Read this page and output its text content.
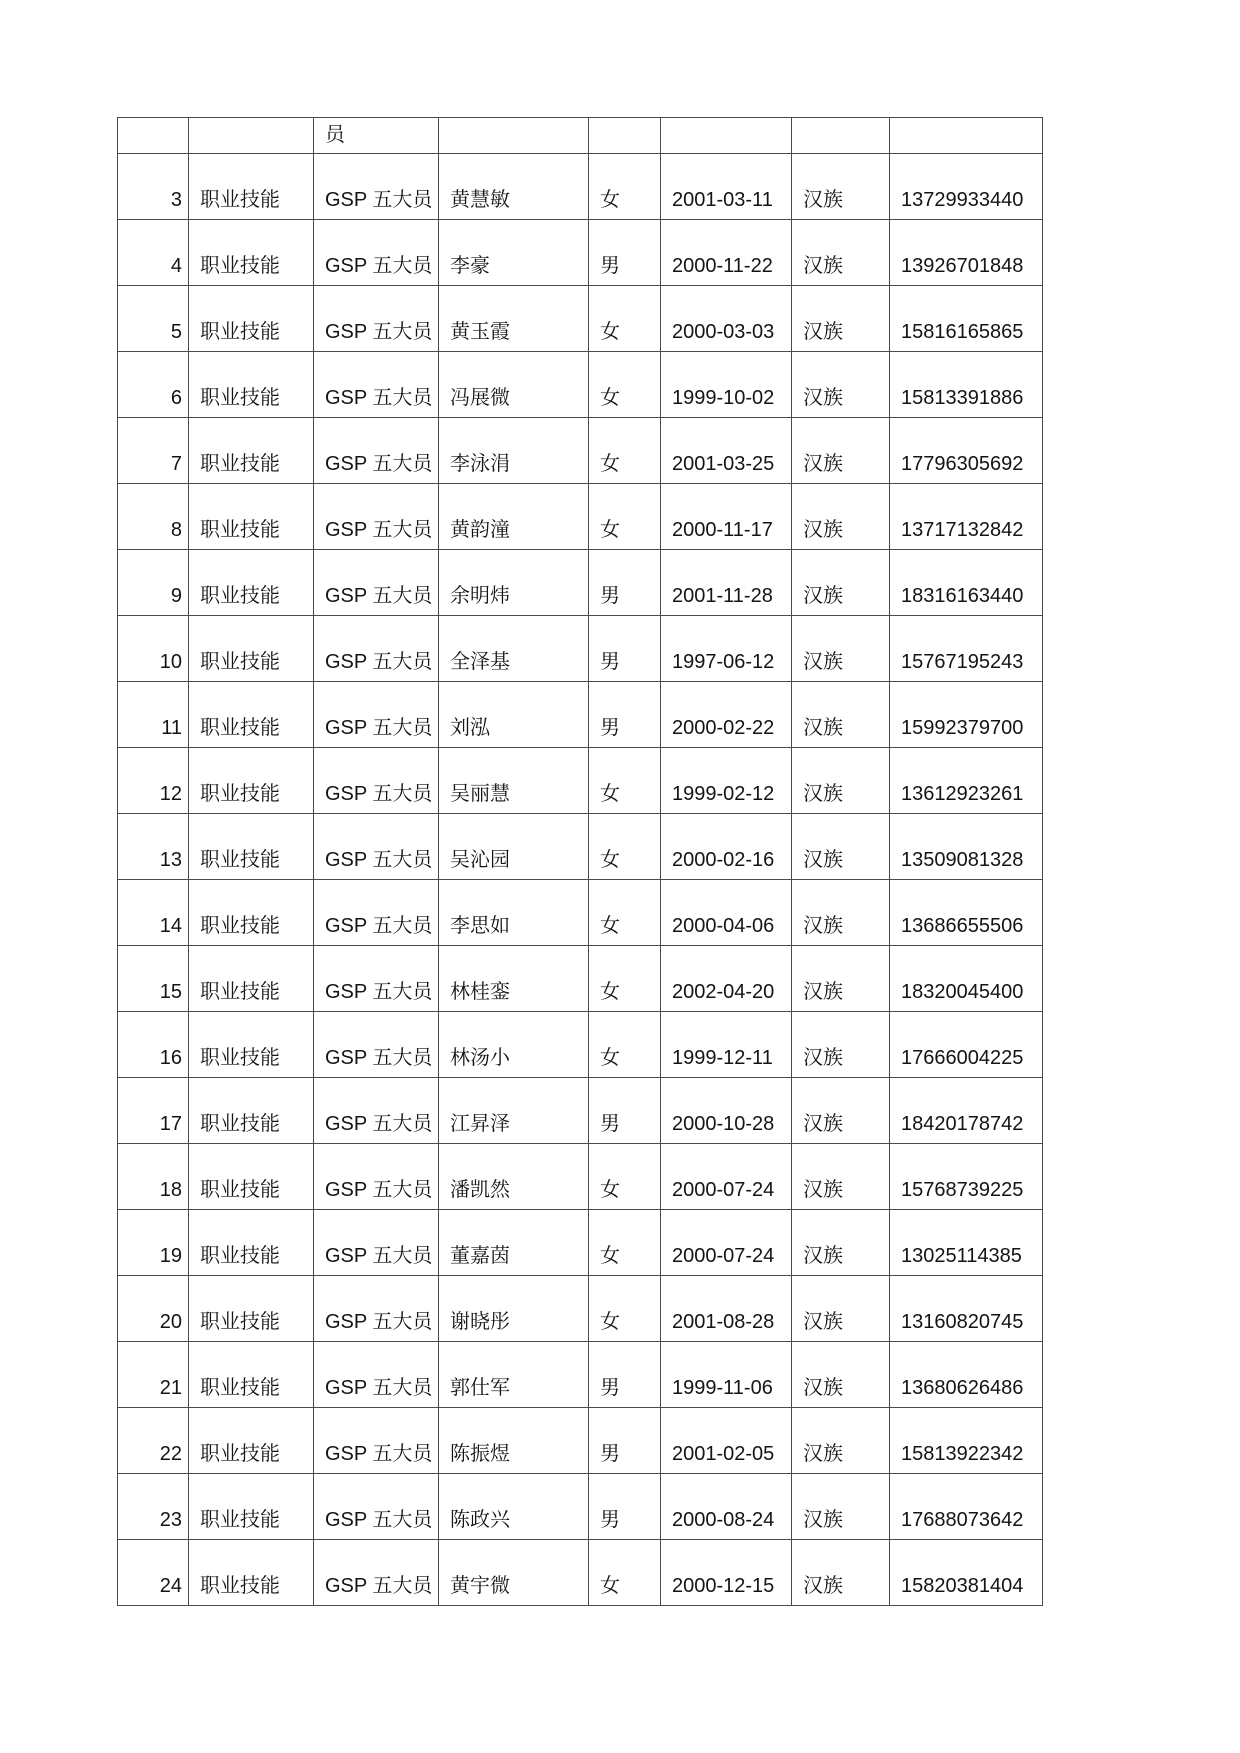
		员					
3	职业技能	GSP 五大员	黄慧敏	女	2001-03-11	汉族	13729933440
4	职业技能	GSP 五大员	李豪	男	2000-11-22	汉族	13926701848
5	职业技能	GSP 五大员	黄玉霞	女	2000-03-03	汉族	15816165865
6	职业技能	GSP 五大员	冯展微	女	1999-10-02	汉族	15813391886
7	职业技能	GSP 五大员	李泳涓	女	2001-03-25	汉族	17796305692
8	职业技能	GSP 五大员	黄韵潼	女	2000-11-17	汉族	13717132842
9	职业技能	GSP 五大员	余明炜	男	2001-11-28	汉族	18316163440
10	职业技能	GSP 五大员	全泽基	男	1997-06-12	汉族	15767195243
11	职业技能	GSP 五大员	刘泓	男	2000-02-22	汉族	15992379700
12	职业技能	GSP 五大员	吴丽慧	女	1999-02-12	汉族	13612923261
13	职业技能	GSP 五大员	吴沁园	女	2000-02-16	汉族	13509081328
14	职业技能	GSP 五大员	李思如	女	2000-04-06	汉族	13686655506
15	职业技能	GSP 五大员	林桂銮	女	2002-04-20	汉族	18320045400
16	职业技能	GSP 五大员	林汤小	女	1999-12-11	汉族	17666004225
17	职业技能	GSP 五大员	江昇泽	男	2000-10-28	汉族	18420178742
18	职业技能	GSP 五大员	潘凯然	女	2000-07-24	汉族	15768739225
19	职业技能	GSP 五大员	董嘉茵	女	2000-07-24	汉族	13025114385
20	职业技能	GSP 五大员	谢晓彤	女	2001-08-28	汉族	13160820745
21	职业技能	GSP 五大员	郭仕军	男	1999-11-06	汉族	13680626486
22	职业技能	GSP 五大员	陈振煜	男	2001-02-05	汉族	15813922342
23	职业技能	GSP 五大员	陈政兴	男	2000-08-24	汉族	17688073642
24	职业技能	GSP 五大员	黄宇微	女	2000-12-15	汉族	15820381404
